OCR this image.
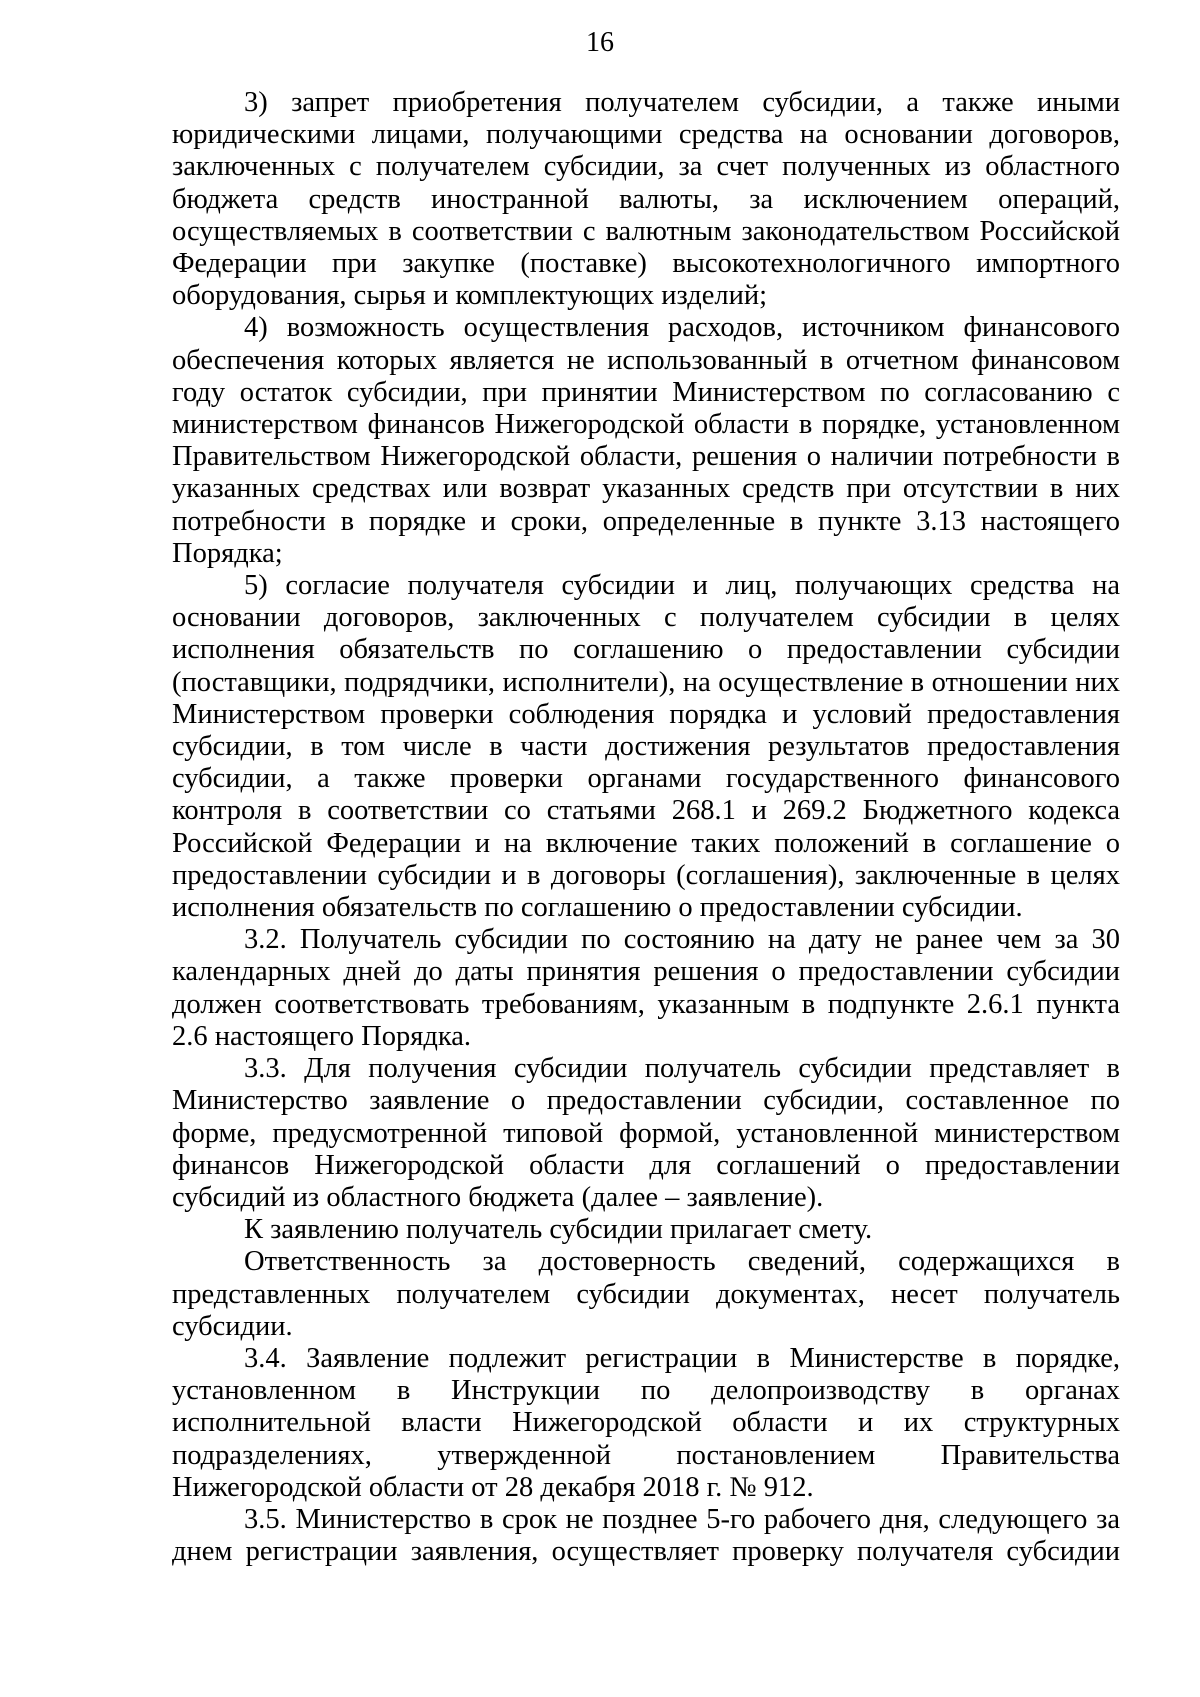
16

3) запрет приобретения получателем субсидии, а также иными юридическими лицами, получающими средства на основании договоров, заключенных с получателем субсидии, за счет полученных из областного бюджета средств иностранной валюты, за исключением операций, осуществляемых в соответствии с валютным законодательством Российской Федерации при закупке (поставке) высокотехнологичного импортного оборудования, сырья и комплектующих изделий;

4) возможность осуществления расходов, источником финансового обеспечения которых является не использованный в отчетном финансовом году остаток субсидии, при принятии Министерством по согласованию с министерством финансов Нижегородской области в порядке, установленном Правительством Нижегородской области, решения о наличии потребности в указанных средствах или возврат указанных средств при отсутствии в них потребности в порядке и сроки, определенные в пункте 3.13 настоящего Порядка;

5) согласие получателя субсидии и лиц, получающих средства на основании договоров, заключенных с получателем субсидии в целях исполнения обязательств по соглашению о предоставлении субсидии (поставщики, подрядчики, исполнители), на осуществление в отношении них Министерством проверки соблюдения порядка и условий предоставления субсидии, в том числе в части достижения результатов предоставления субсидии, а также проверки органами государственного финансового контроля в соответствии со статьями 268.1 и 269.2 Бюджетного кодекса Российской Федерации и на включение таких положений в соглашение о предоставлении субсидии и в договоры (соглашения), заключенные в целях исполнения обязательств по соглашению о предоставлении субсидии.

3.2. Получатель субсидии по состоянию на дату не ранее чем за 30 календарных дней до даты принятия решения о предоставлении субсидии должен соответствовать требованиям, указанным в подпункте 2.6.1 пункта 2.6 настоящего Порядка.

3.3. Для получения субсидии получатель субсидии представляет в Министерство заявление о предоставлении субсидии, составленное по форме, предусмотренной типовой формой, установленной министерством финансов Нижегородской области для соглашений о предоставлении субсидий из областного бюджета (далее – заявление).

К заявлению получатель субсидии прилагает смету.

Ответственность за достоверность сведений, содержащихся в представленных получателем субсидии документах, несет получатель субсидии.

3.4. Заявление подлежит регистрации в Министерстве в порядке, установленном в Инструкции по делопроизводству в органах исполнительной власти Нижегородской области и их структурных подразделениях, утвержденной постановлением Правительства Нижегородской области от 28 декабря 2018 г. № 912.

3.5. Министерство в срок не позднее 5-го рабочего дня, следующего за днем регистрации заявления, осуществляет проверку получателя субсидии
